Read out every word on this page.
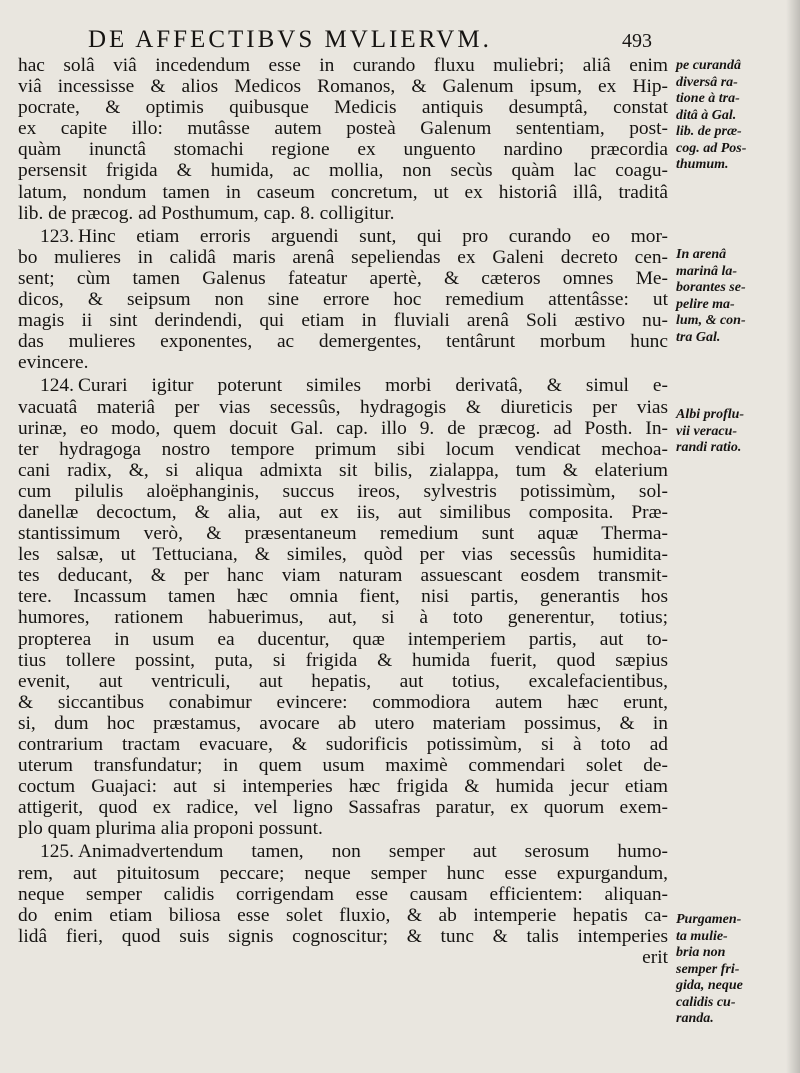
DE AFFECTIBVS MVLIERVM.	493
hac solâ viâ incedendum esse in curando fluxu muliebri; aliâ enim
viâ incessisse & alios Medicos Romanos, & Galenum ipsum, ex Hip-
pocrate, & optimis quibusque Medicis antiquis desumptâ, constat
ex capite illo: mutâsse autem posteà Galenum sententiam, post-
quàm inunctâ stomachi regione ex unguento nardino præcordia
persensit frigida & humida, ac mollia, non secùs quàm lac coagu-
latum, nondum tamen in caseum concretum, ut ex historiâ illâ, traditâ
lib. de præcog. ad Posthumum, cap. 8. colligitur.
123. Hinc etiam erroris arguendi sunt, qui pro curando eo mor-
bo mulieres in calidâ maris arenâ sepeliendas ex Galeni decreto cen-
sent; cùm tamen Galenus fateatur apertè, & cæteros omnes Me-
dicos, & seipsum non sine errore hoc remedium attentâsse: ut
magis ii sint derindendi, qui etiam in fluviali arenâ Soli æstivo nu-
das mulieres exponentes, ac demergentes, tentârunt morbum hunc
evincere.
124. Curari igitur poterunt similes morbi derivatâ, & simul e-
vacuatâ materiâ per vias secessûs, hydragogis & diureticis per vias
urinæ, eo modo, quem docuit Gal. cap. illo 9. de præcog. ad Posth. In-
ter hydragoga nostro tempore primum sibi locum vendicat mechoa-
cani radix, &, si aliqua admixta sit bilis, zialappa, tum & elaterium
cum pilulis aloëphanginis, succus ireos, sylvestris potissimùm, sol-
danellæ decoctum, & alia, aut ex iis, aut similibus composita. Præ-
stantissimum verò, & præsentaneum remedium sunt aquæ Therma-
les salsæ, ut Tettuciana, & similes, quòd per vias secessûs humidita-
tes deducant, & per hanc viam naturam assuescant eosdem transmit-
tere. Incassum tamen hæc omnia fient, nisi partis, generantis hos
humores, rationem habuerimus, aut, si à toto generentur, totius;
propterea in usum ea ducentur, quæ intemperiem partis, aut to-
tius tollere possint, puta, si frigida & humida fuerit, quod sæpius
evenit, aut ventriculi, aut hepatis, aut totius, excalefacientibus,
& siccantibus conabimur evincere: commodiora autem hæc erunt,
si, dum hoc præstamus, avocare ab utero materiam possimus, & in
contrarium tractam evacuare, & sudorificis potissimùm, si à toto ad
uterum transfundatur; in quem usum maximè commendari solet de-
coctum Guajaci: aut si intemperies hæc frigida & humida jecur etiam
attigerit, quod ex radice, vel ligno Sassafras paratur, ex quorum exem-
plo quam plurima alia proponi possunt.
125. Animadvertendum tamen, non semper aut serosum humo-
rem, aut pituitosum peccare; neque semper hunc esse expurgandum,
neque semper calidis corrigendam esse causam efficientem: aliquan-
do enim etiam biliosa esse solet fluxio, & ab intemperie hepatis ca-
lidâ fieri, quod suis signis cognoscitur; & tunc & talis intemperies
erit
pe curandâ
diversâ ra-
tione à tra-
ditâ à Gal.
lib. de præ-
cog. ad Pos-
thumum.
In arenâ
marinâ la-
borantes se-
pelire ma-
lum, & con-
tra Gal.
Albi proflu-
vii veracu-
randi ratio.
Purgamen-
ta mulie-
bria non
semper fri-
gida, neque
calidis cu-
randa.
